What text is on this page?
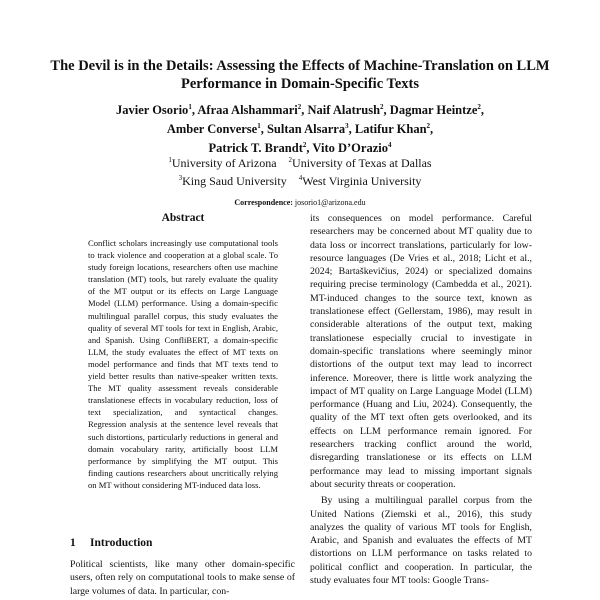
The Devil is in the Details: Assessing the Effects of Machine-Translation on LLM Performance in Domain-Specific Texts
Javier Osorio$^1$, Afraa Alshammari$^2$, Naif Alatrush$^2$, Dagmar Heintze$^2$,
Amber Converse$^1$, Sultan Alsarra$^3$, Latifur Khan$^2$,
Patrick T. Brandt$^2$, Vito D’Orazio$^4$
$^1$University of Arizona $^2$University of Texas at Dallas
$^3$King Saud University $^4$West Virginia University
Correspondence: josorio1@arizona.edu
Abstract
Conflict scholars increasingly use computational tools to track violence and cooperation at a global scale. To study foreign locations, researchers often use machine translation (MT) tools, but rarely evaluate the quality of the MT output or its effects on Large Language Model (LLM) performance. Using a domain-specific multilingual parallel corpus, this study evaluates the quality of several MT tools for text in English, Arabic, and Spanish. Using ConfliBERT, a domain-specific LLM, the study evaluates the effect of MT texts on model performance and finds that MT texts tend to yield better results than native-speaker written texts. The MT quality assessment reveals considerable translationese effects in vocabulary reduction, loss of text specialization, and syntactical changes. Regression analysis at the sentence level reveals that such distortions, particularly reductions in general and domain vocabulary rarity, artificially boost LLM performance by simplifying the MT output. This finding cautions researchers about uncritically relying on MT without considering MT-induced data loss.
1 Introduction
Political scientists, like many other domain-specific users, often rely on computational tools to make sense of large volumes of data. In particular, con-

its consequences on model performance. Careful researchers may be concerned about MT quality due to data loss or incorrect translations, particularly for low-resource languages (De Vries et al., 2018; Licht et al., 2024; Bartaškevičius, 2024) or specialized domains requiring precise terminology (Cambedda et al., 2021). MT-induced changes to the source text, known as translationese effect (Gellerstam, 1986), may result in considerable alterations of the output text, making translationese especially crucial to investigate in domain-specific translations where seemingly minor distortions of the output text may lead to incorrect inference. Moreover, there is little work analyzing the impact of MT quality on Large Language Model (LLM) performance (Huang and Liu, 2024). Consequently, the quality of the MT text often gets overlooked, and its effects on LLM performance remain ignored. For researchers tracking conflict around the world, disregarding translationese or its effects on LLM performance may lead to missing important signals about security threats or cooperation.

By using a multilingual parallel corpus from the United Nations (Ziemski et al., 2016), this study analyzes the quality of various MT tools for English, Arabic, and Spanish and evaluates the effects of MT distortions on LLM performance on tasks related to political conflict and cooperation. In particular, the study evaluates four MT tools: Google Trans-
